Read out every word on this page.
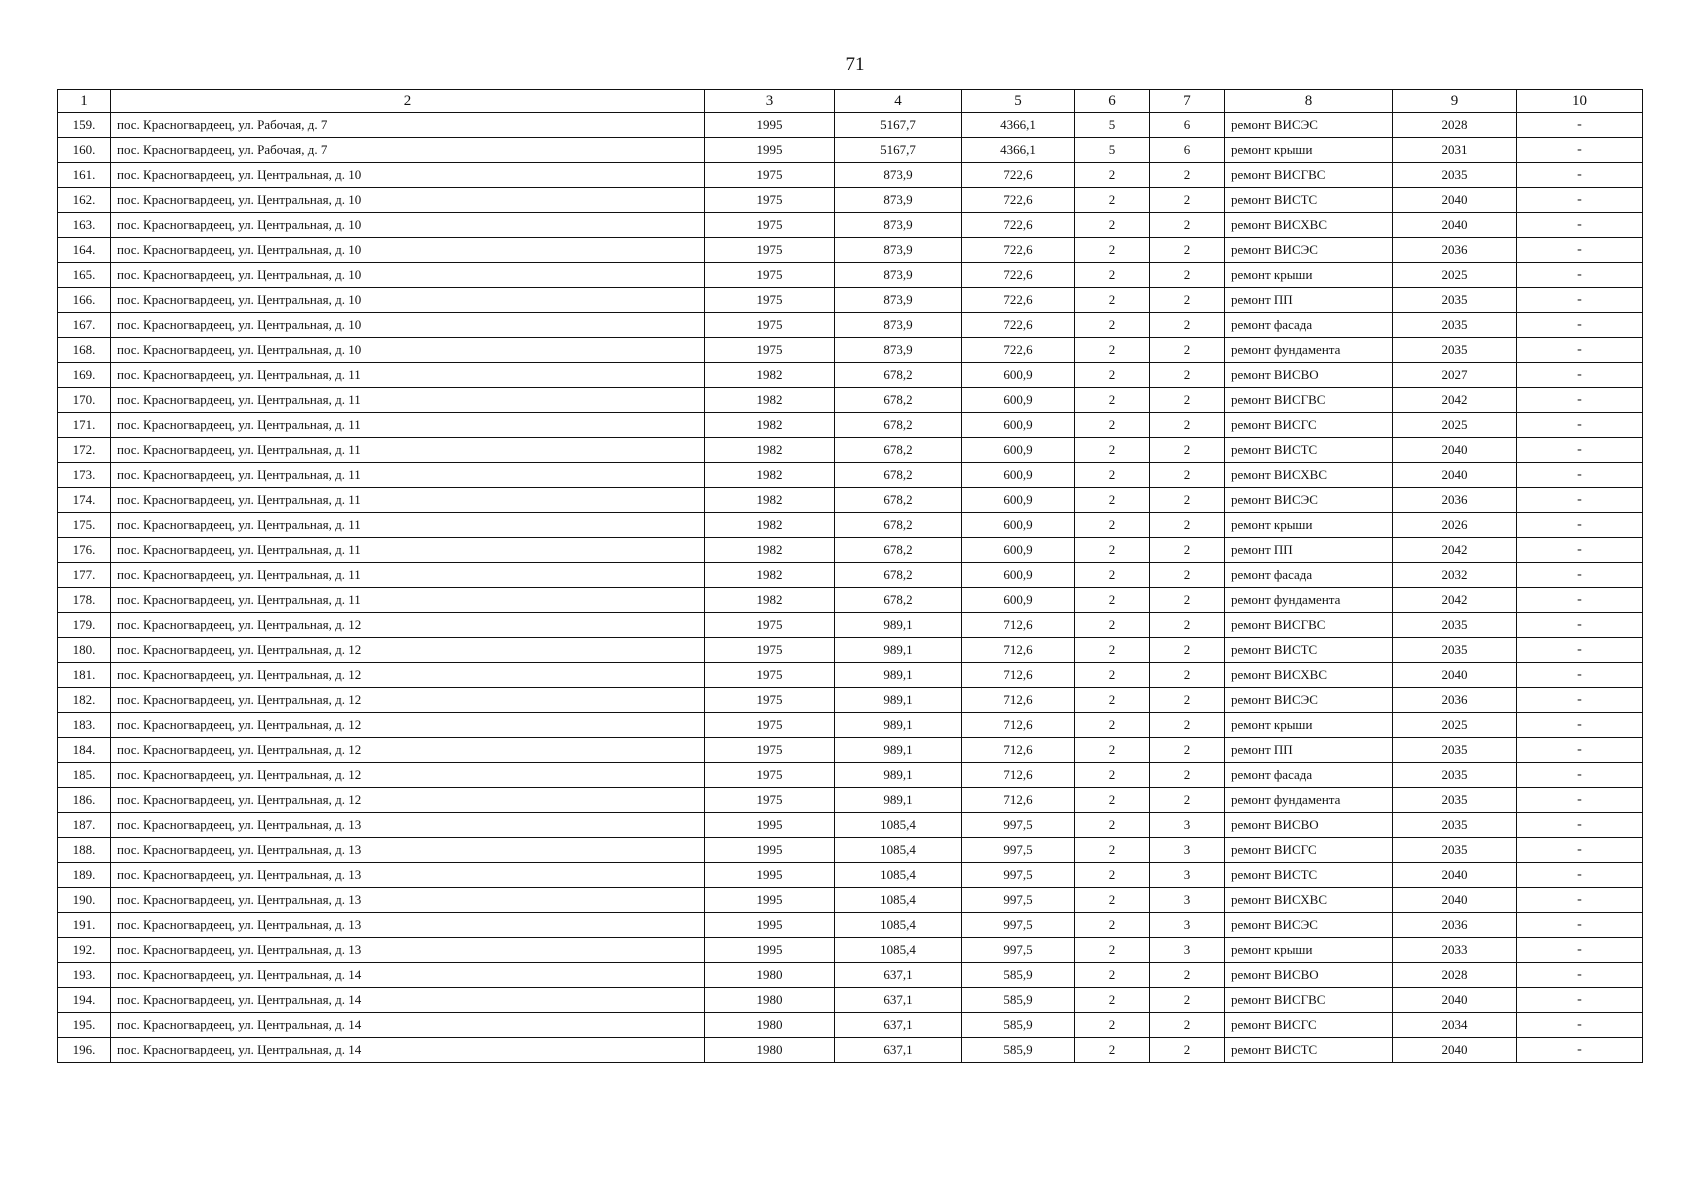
71
1	2	3	4	5	6	7	8	9	10
159.	пос. Красногвардеец, ул. Рабочая, д. 7	1995	5167,7	4366,1	5	6	ремонт ВИСЭС	2028	-
160.	пос. Красногвардеец, ул. Рабочая, д. 7	1995	5167,7	4366,1	5	6	ремонт крыши	2031	-
161.	пос. Красногвардеец, ул. Центральная, д. 10	1975	873,9	722,6	2	2	ремонт ВИСГВС	2035	-
162.	пос. Красногвардеец, ул. Центральная, д. 10	1975	873,9	722,6	2	2	ремонт ВИСТС	2040	-
163.	пос. Красногвардеец, ул. Центральная, д. 10	1975	873,9	722,6	2	2	ремонт ВИСХВС	2040	-
164.	пос. Красногвардеец, ул. Центральная, д. 10	1975	873,9	722,6	2	2	ремонт ВИСЭС	2036	-
165.	пос. Красногвардеец, ул. Центральная, д. 10	1975	873,9	722,6	2	2	ремонт крыши	2025	-
166.	пос. Красногвардеец, ул. Центральная, д. 10	1975	873,9	722,6	2	2	ремонт ПП	2035	-
167.	пос. Красногвардеец, ул. Центральная, д. 10	1975	873,9	722,6	2	2	ремонт фасада	2035	-
168.	пос. Красногвардеец, ул. Центральная, д. 10	1975	873,9	722,6	2	2	ремонт фундамента	2035	-
169.	пос. Красногвардеец, ул. Центральная, д. 11	1982	678,2	600,9	2	2	ремонт ВИСВО	2027	-
170.	пос. Красногвардеец, ул. Центральная, д. 11	1982	678,2	600,9	2	2	ремонт ВИСГВС	2042	-
171.	пос. Красногвардеец, ул. Центральная, д. 11	1982	678,2	600,9	2	2	ремонт ВИСГС	2025	-
172.	пос. Красногвардеец, ул. Центральная, д. 11	1982	678,2	600,9	2	2	ремонт ВИСТС	2040	-
173.	пос. Красногвардеец, ул. Центральная, д. 11	1982	678,2	600,9	2	2	ремонт ВИСХВС	2040	-
174.	пос. Красногвардеец, ул. Центральная, д. 11	1982	678,2	600,9	2	2	ремонт ВИСЭС	2036	-
175.	пос. Красногвардеец, ул. Центральная, д. 11	1982	678,2	600,9	2	2	ремонт крыши	2026	-
176.	пос. Красногвардеец, ул. Центральная, д. 11	1982	678,2	600,9	2	2	ремонт ПП	2042	-
177.	пос. Красногвардеец, ул. Центральная, д. 11	1982	678,2	600,9	2	2	ремонт фасада	2032	-
178.	пос. Красногвардеец, ул. Центральная, д. 11	1982	678,2	600,9	2	2	ремонт фундамента	2042	-
179.	пос. Красногвардеец, ул. Центральная, д. 12	1975	989,1	712,6	2	2	ремонт ВИСГВС	2035	-
180.	пос. Красногвардеец, ул. Центральная, д. 12	1975	989,1	712,6	2	2	ремонт ВИСТС	2035	-
181.	пос. Красногвардеец, ул. Центральная, д. 12	1975	989,1	712,6	2	2	ремонт ВИСХВС	2040	-
182.	пос. Красногвардеец, ул. Центральная, д. 12	1975	989,1	712,6	2	2	ремонт ВИСЭС	2036	-
183.	пос. Красногвардеец, ул. Центральная, д. 12	1975	989,1	712,6	2	2	ремонт крыши	2025	-
184.	пос. Красногвардеец, ул. Центральная, д. 12	1975	989,1	712,6	2	2	ремонт ПП	2035	-
185.	пос. Красногвардеец, ул. Центральная, д. 12	1975	989,1	712,6	2	2	ремонт фасада	2035	-
186.	пос. Красногвардеец, ул. Центральная, д. 12	1975	989,1	712,6	2	2	ремонт фундамента	2035	-
187.	пос. Красногвардеец, ул. Центральная, д. 13	1995	1085,4	997,5	2	3	ремонт ВИСВО	2035	-
188.	пос. Красногвардеец, ул. Центральная, д. 13	1995	1085,4	997,5	2	3	ремонт ВИСГС	2035	-
189.	пос. Красногвардеец, ул. Центральная, д. 13	1995	1085,4	997,5	2	3	ремонт ВИСТС	2040	-
190.	пос. Красногвардеец, ул. Центральная, д. 13	1995	1085,4	997,5	2	3	ремонт ВИСХВС	2040	-
191.	пос. Красногвардеец, ул. Центральная, д. 13	1995	1085,4	997,5	2	3	ремонт ВИСЭС	2036	-
192.	пос. Красногвардеец, ул. Центральная, д. 13	1995	1085,4	997,5	2	3	ремонт крыши	2033	-
193.	пос. Красногвардеец, ул. Центральная, д. 14	1980	637,1	585,9	2	2	ремонт ВИСВО	2028	-
194.	пос. Красногвардеец, ул. Центральная, д. 14	1980	637,1	585,9	2	2	ремонт ВИСГВС	2040	-
195.	пос. Красногвардеец, ул. Центральная, д. 14	1980	637,1	585,9	2	2	ремонт ВИСГС	2034	-
196.	пос. Красногвардеец, ул. Центральная, д. 14	1980	637,1	585,9	2	2	ремонт ВИСТС	2040	-
